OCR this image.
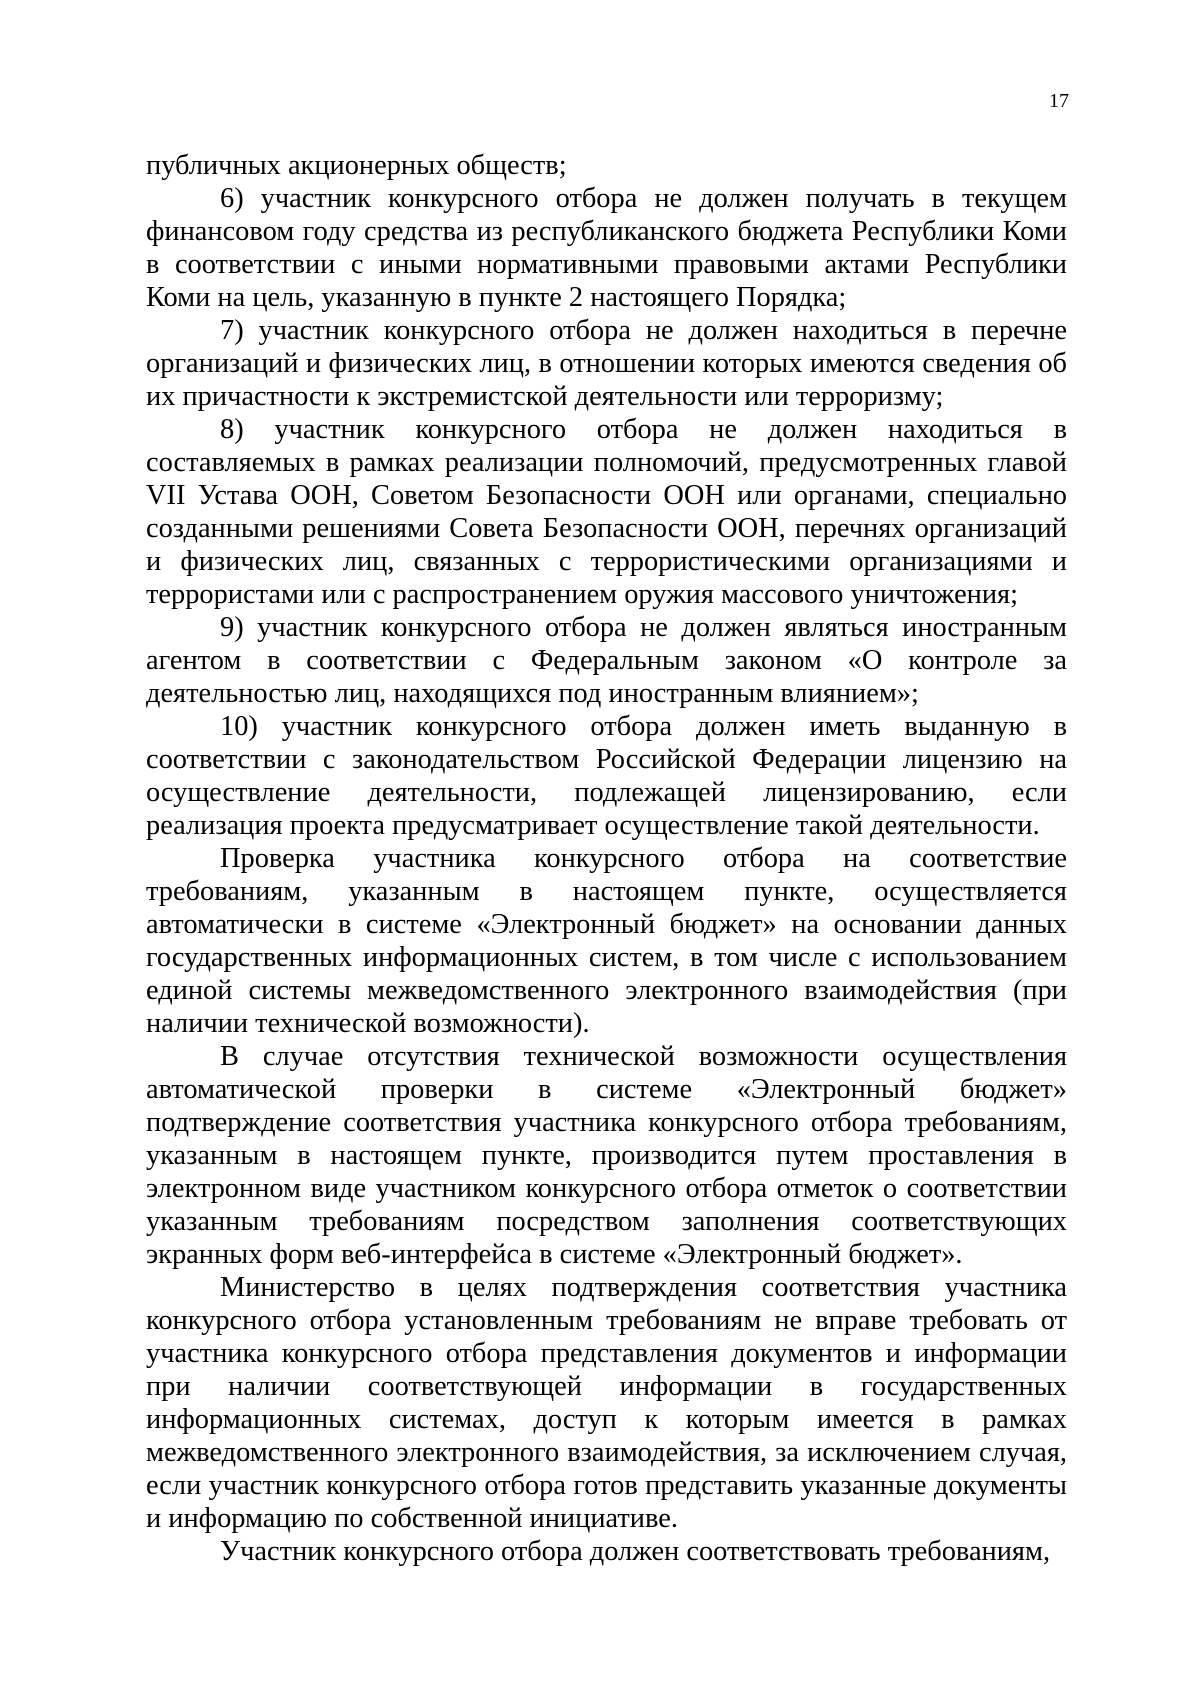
17

публичных акционерных обществ;

6) участник конкурсного отбора не должен получать в текущем финансовом году средства из республиканского бюджета Республики Коми в соответствии с иными нормативными правовыми актами Республики Коми на цель, указанную в пункте 2 настоящего Порядка;

7) участник конкурсного отбора не должен находиться в перечне организаций и физических лиц, в отношении которых имеются сведения об их причастности к экстремистской деятельности или терроризму;

8) участник конкурсного отбора не должен находиться в составляемых в рамках реализации полномочий, предусмотренных главой VII Устава ООН, Советом Безопасности ООН или органами, специально созданными решениями Совета Безопасности ООН, перечнях организаций и физических лиц, связанных с террористическими организациями и террористами или с распространением оружия массового уничтожения;

9) участник конкурсного отбора не должен являться иностранным агентом в соответствии с Федеральным законом «О контроле за деятельностью лиц, находящихся под иностранным влиянием»;

10) участник конкурсного отбора должен иметь выданную в соответствии с законодательством Российской Федерации лицензию на осуществление деятельности, подлежащей лицензированию, если реализация проекта предусматривает осуществление такой деятельности.

Проверка участника конкурсного отбора на соответствие требованиям, указанным в настоящем пункте, осуществляется автоматически в системе «Электронный бюджет» на основании данных государственных информационных систем, в том числе с использованием единой системы межведомственного электронного взаимодействия (при наличии технической возможности).

В случае отсутствия технической возможности осуществления автоматической проверки в системе «Электронный бюджет» подтверждение соответствия участника конкурсного отбора требованиям, указанным в настоящем пункте, производится путем проставления в электронном виде участником конкурсного отбора отметок о соответствии указанным требованиям посредством заполнения соответствующих экранных форм веб-интерфейса в системе «Электронный бюджет».

Министерство в целях подтверждения соответствия участника конкурсного отбора установленным требованиям не вправе требовать от участника конкурсного отбора представления документов и информации при наличии соответствующей информации в государственных информационных системах, доступ к которым имеется в рамках межведомственного электронного взаимодействия, за исключением случая, если участник конкурсного отбора готов представить указанные документы и информацию по собственной инициативе.

Участник конкурсного отбора должен соответствовать требованиям,
